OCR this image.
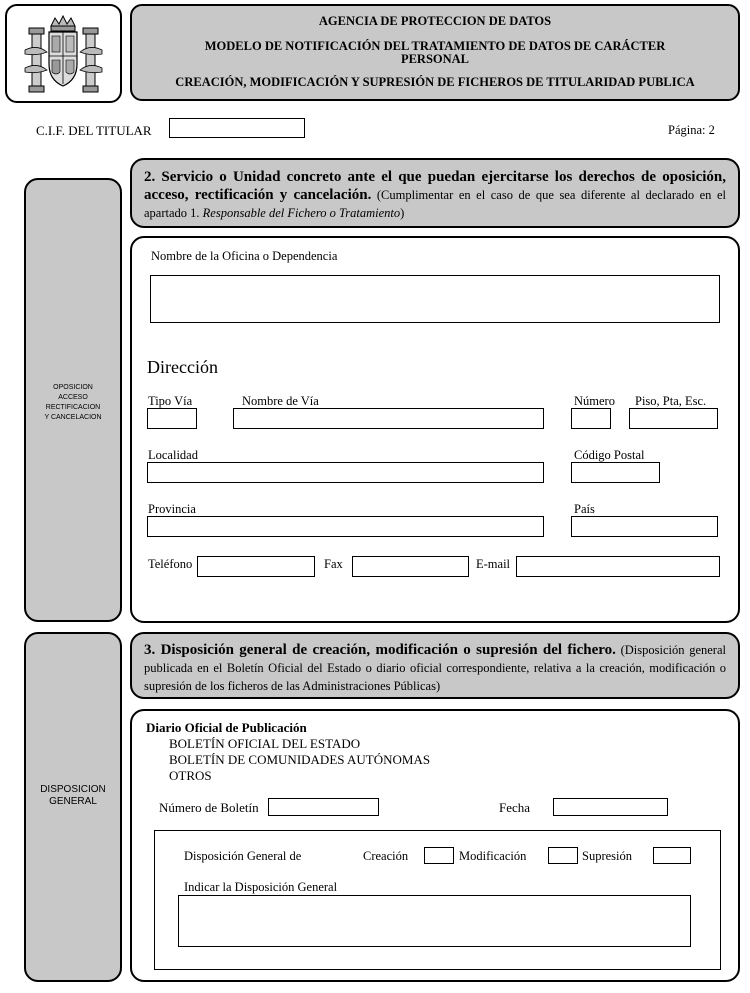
AGENCIA DE PROTECCION DE DATOS
MODELO DE NOTIFICACIÓN DEL TRATAMIENTO DE DATOS DE CARÁCTER PERSONAL
CREACIÓN, MODIFICACIÓN Y SUPRESIÓN DE FICHEROS DE TITULARIDAD PUBLICA
C.I.F. DEL TITULAR	Página: 2
OPOSICION
ACCESO
RECTIFICACION
Y CANCELACION
2. Servicio o Unidad concreto ante el que puedan ejercitarse los derechos de oposición, acceso, rectificación y cancelación. (Cumplimentar en el caso de que sea diferente al declarado en el apartado 1. Responsable del Fichero o Tratamiento)
Nombre de la Oficina o Dependencia
Dirección
Tipo Vía	Nombre de Vía	Número Piso, Pta, Esc.
Localidad	Código Postal
Provincia	País
Teléfono	Fax	E-mail
DISPOSICION
GENERAL
3. Disposición general de creación, modificación o supresión del fichero. (Disposición general publicada en el Boletín Oficial del Estado o diario oficial correspondiente, relativa a la creación, modificación o supresión de los ficheros de las Administraciones Públicas)
Diario Oficial de Publicación
BOLETÍN OFICIAL DEL ESTADO
BOLETÍN DE COMUNIDADES AUTÓNOMAS
OTROS
Número de Boletín	Fecha
Disposición General de	Creación	Modificación	Supresión
Indicar la Disposición General
